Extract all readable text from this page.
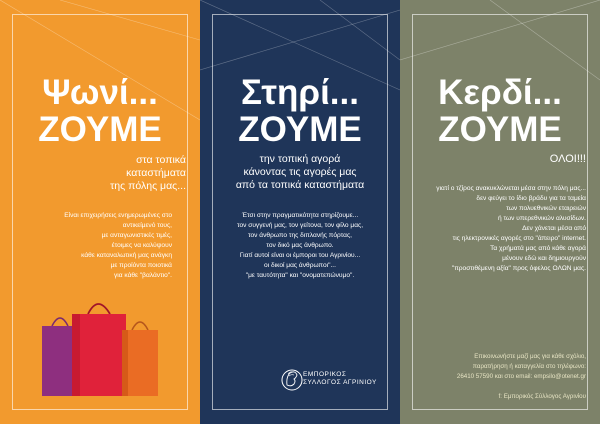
Ψωνί...
ΖΟΥΜΕ
στα τοπικά
καταστήματα
της πόλης μας...
Είναι επιχειρήσεις ενημερωμένες στο
αντικείμενό τους,
με ανταγωνιστικές τιμές,
έτοιμες να καλύψουν
κάθε καταναλωτική μας ανάγκη
με προϊόντα ποιοτικά
για κάθε "βαλάντιο".
Στηρί...
ΖΟΥΜΕ
την τοπική αγορά
κάνοντας τις αγορές μας
από τα τοπικά καταστήματα
Έτσι στην πραγματικότητα στηρίζουμε...
τον συγγενή μας, τον γείτονα, τον φίλο μας,
τον άνθρωπο της διπλανής πόρτας,
τον δικό μας άνθρωπο.
Γιατί αυτοί είναι οι έμποροι του Αγρινίου...
οι δικοί μας άνθρωποι"...
"με ταυτότητα" και "ονοματεπώνυμο".
ΕΜΠΟΡΙΚΟΣ
ΣΥΛΛΟΓΟΣ ΑΓΡΙΝΙΟΥ
Κερδί...
ΖΟΥΜΕ
ΟΛΟΙ!!!
γιατί ο τζίρος ανακυκλώνεται μέσα στην πόλη μας...
δεν φεύγει το ίδιο βράδυ για τα ταμεία
των πολυεθνικών εταιρειών
ή των υπερεθνικών αλυσίδων.
Δεν χάνεται μέσα από
τις ηλεκτρονικές αγορές στο "άπειρο" internet.
Τα χρήματά μας από κάθε αγορά
μένουν εδώ και δημιουργούν
"προστιθέμενη αξία" προς όφελος ΟΛΩΝ μας.
Επικοινωνήστε μαζί μας για κάθε σχόλιο,
παρατήρηση ή καταγγελία στο τηλέφωνο:
26410 57590 και στο email: empsilo@otenet.gr

f: Εμπορικός Σύλλογος Αγρινίου
